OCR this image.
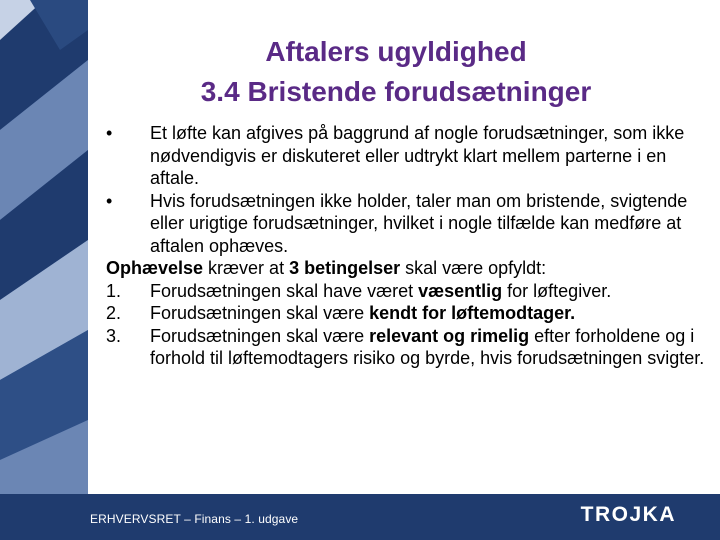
Aftalers ugyldighed
3.4 Bristende forudsætninger
•	Et løfte kan afgives på baggrund af nogle forudsætninger, som ikke nødvendigvis er diskuteret eller udtrykt klart mellem parterne i en aftale.
•	Hvis forudsætningen ikke holder, taler man om bristende, svigtende eller urigtige forudsætninger, hvilket i nogle tilfælde kan medføre at aftalen ophæves.

Ophævelse kræver at 3 betingelser skal være opfyldt:

1.	Forudsætningen skal have været væsentlig for løftegiver.
2.	Forudsætningen skal være kendt for løftemodtager.
3.	Forudsætningen skal være relevant og rimelig efter forholdene og i forhold til løftemodtagers risiko og byrde, hvis forudsætningen svigter.
ERHVERVSRET – Finans – 1. udgave	TROJKA
